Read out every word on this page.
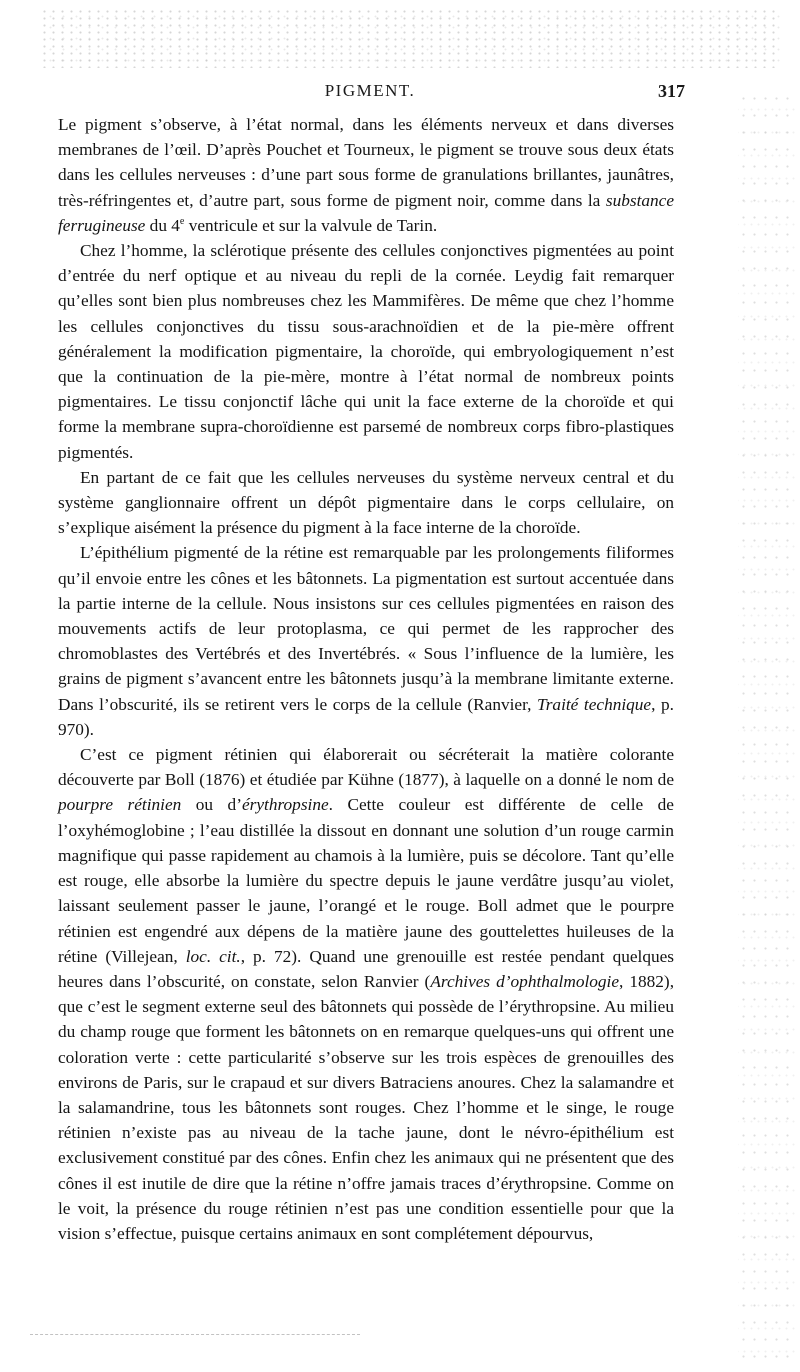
PIGMENT.	317

Le pigment s’observe, à l’état normal, dans les éléments nerveux et dans diverses membranes de l’œil. D’après Pouchet et Tourneux, le pigment se trouve sous deux états dans les cellules nerveuses : d’une part sous forme de granulations brillantes, jaunâtres, très-réfringentes et, d’autre part, sous forme de pigment noir, comme dans la substance ferrugineuse du 4e ventricule et sur la valvule de Tarin.

Chez l’homme, la sclérotique présente des cellules conjonctives pigmentées au point d’entrée du nerf optique et au niveau du repli de la cornée. Leydig fait remarquer qu’elles sont bien plus nombreuses chez les Mammifères. De même que chez l’homme les cellules conjonctives du tissu sous-arachnoïdien et de la pie-mère offrent généralement la modification pigmentaire, la choroïde, qui embryologiquement n’est que la continuation de la pie-mère, montre à l’état normal de nombreux points pigmentaires. Le tissu conjonctif lâche qui unit la face externe de la choroïde et qui forme la membrane supra-choroïdienne est parsemé de nombreux corps fibro-plastiques pigmentés.

En partant de ce fait que les cellules nerveuses du système nerveux central et du système ganglionnaire offrent un dépôt pigmentaire dans le corps cellulaire, on s’explique aisément la présence du pigment à la face interne de la choroïde.

L’épithélium pigmenté de la rétine est remarquable par les prolongements filiformes qu’il envoie entre les cônes et les bâtonnets. La pigmentation est surtout accentuée dans la partie interne de la cellule. Nous insistons sur ces cellules pigmentées en raison des mouvements actifs de leur protoplasma, ce qui permet de les rapprocher des chromoblastes des Vertébrés et des Invertébrés. « Sous l’influence de la lumière, les grains de pigment s’avancent entre les bâtonnets jusqu’à la membrane limitante externe. Dans l’obscurité, ils se retirent vers le corps de la cellule (Ranvier, Traité technique, p. 970).

C’est ce pigment rétinien qui élaborerait ou sécréterait la matière colorante découverte par Boll (1876) et étudiée par Kühne (1877), à laquelle on a donné le nom de pourpre rétinien ou d’érythropsine. Cette couleur est différente de celle de l’oxyhémoglobine ; l’eau distillée la dissout en donnant une solution d’un rouge carmin magnifique qui passe rapidement au chamois à la lumière, puis se décolore. Tant qu’elle est rouge, elle absorbe la lumière du spectre depuis le jaune verdâtre jusqu’au violet, laissant seulement passer le jaune, l’orangé et le rouge. Boll admet que le pourpre rétinien est engendré aux dépens de la matière jaune des gouttelettes huileuses de la rétine (Villejean, loc. cit., p. 72). Quand une grenouille est restée pendant quelques heures dans l’obscurité, on constate, selon Ranvier (Archives d’ophthalmologie, 1882), que c’est le segment externe seul des bâtonnets qui possède de l’érythropsine. Au milieu du champ rouge que forment les bâtonnets on en remarque quelques-uns qui offrent une coloration verte : cette particularité s’observe sur les trois espèces de grenouilles des environs de Paris, sur le crapaud et sur divers Batraciens anoures. Chez la salamandre et la salamandrine, tous les bâtonnets sont rouges. Chez l’homme et le singe, le rouge rétinien n’existe pas au niveau de la tache jaune, dont le névro-épithélium est exclusivement constitué par des cônes. Enfin chez les animaux qui ne présentent que des cônes il est inutile de dire que la rétine n’offre jamais traces d’érythropsine. Comme on le voit, la présence du rouge rétinien n’est pas une condition essentielle pour que la vision s’effectue, puisque certains animaux en sont complétement dépourvus,
